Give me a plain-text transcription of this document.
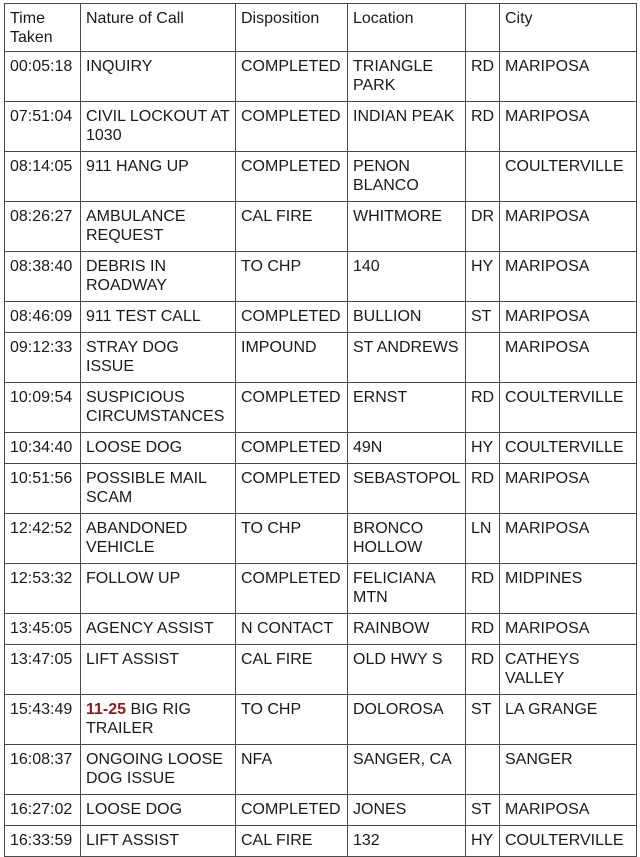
Time Taken	Nature of Call	Disposition	Location		City
00:05:18	INQUIRY	COMPLETED	TRIANGLE PARK	RD	MARIPOSA
07:51:04	CIVIL LOCKOUT AT 1030	COMPLETED	INDIAN PEAK	RD	MARIPOSA
08:14:05	911 HANG UP	COMPLETED	PENON BLANCO		COULTERVILLE
08:26:27	AMBULANCE REQUEST	CAL FIRE	WHITMORE	DR	MARIPOSA
08:38:40	DEBRIS IN ROADWAY	TO CHP	140	HY	MARIPOSA
08:46:09	911 TEST CALL	COMPLETED	BULLION	ST	MARIPOSA
09:12:33	STRAY DOG ISSUE	IMPOUND	ST ANDREWS		MARIPOSA
10:09:54	SUSPICIOUS CIRCUMSTANCES	COMPLETED	ERNST	RD	COULTERVILLE
10:34:40	LOOSE DOG	COMPLETED	49N	HY	COULTERVILLE
10:51:56	POSSIBLE MAIL SCAM	COMPLETED	SEBASTOPOL	RD	MARIPOSA
12:42:52	ABANDONED VEHICLE	TO CHP	BRONCO HOLLOW	LN	MARIPOSA
12:53:32	FOLLOW UP	COMPLETED	FELICIANA MTN	RD	MIDPINES
13:45:05	AGENCY ASSIST	N CONTACT	RAINBOW	RD	MARIPOSA
13:47:05	LIFT ASSIST	CAL FIRE	OLD HWY S	RD	CATHEYS VALLEY
15:43:49	11-25 BIG RIG TRAILER	TO CHP	DOLOROSA	ST	LA GRANGE
16:08:37	ONGOING LOOSE DOG ISSUE	NFA	SANGER, CA		SANGER
16:27:02	LOOSE DOG	COMPLETED	JONES	ST	MARIPOSA
16:33:59	LIFT ASSIST	CAL FIRE	132	HY	COULTERVILLE
